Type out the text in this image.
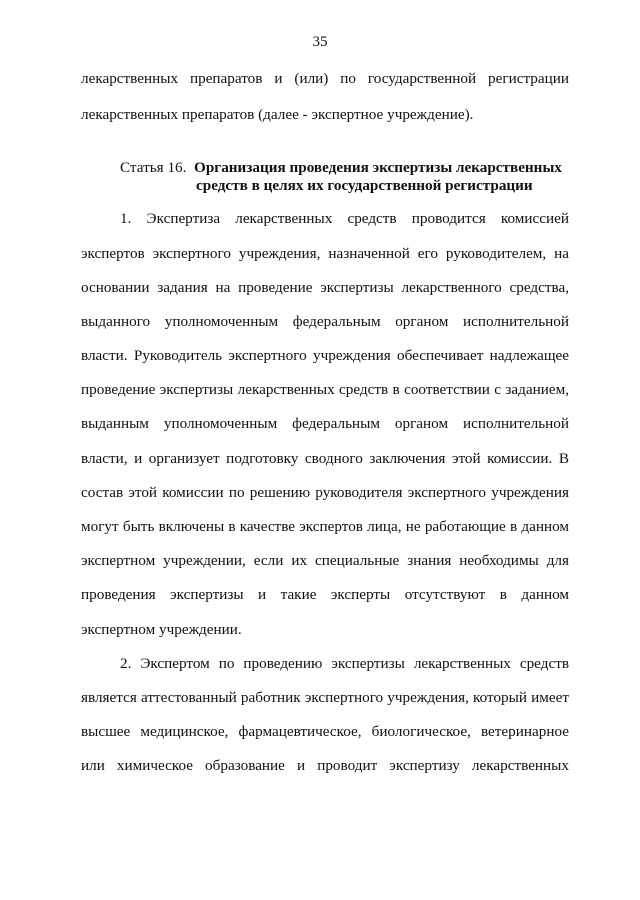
35
лекарственных препаратов и (или) по государственной регистрации
лекарственных препаратов (далее - экспертное учреждение).
Статья 16. Организация проведения экспертизы лекарственных
средств в целях их государственной регистрации
1. Экспертиза лекарственных средств проводится комиссией
экспертов экспертного учреждения, назначенной его руководителем, на
основании задания на проведение экспертизы лекарственного средства,
выданного уполномоченным федеральным органом исполнительной
власти. Руководитель экспертного учреждения обеспечивает надлежащее
проведение экспертизы лекарственных средств в соответствии с заданием,
выданным уполномоченным федеральным органом исполнительной
власти, и организует подготовку сводного заключения этой комиссии. В
состав этой комиссии по решению руководителя экспертного учреждения
могут быть включены в качестве экспертов лица, не работающие в данном
экспертном учреждении, если их специальные знания необходимы для
проведения экспертизы и такие эксперты отсутствуют в данном
экспертном учреждении.
2. Экспертом по проведению экспертизы лекарственных средств
является аттестованный работник экспертного учреждения, который имеет
высшее медицинское, фармацевтическое, биологическое, ветеринарное
или химическое образование и проводит экспертизу лекарственных
